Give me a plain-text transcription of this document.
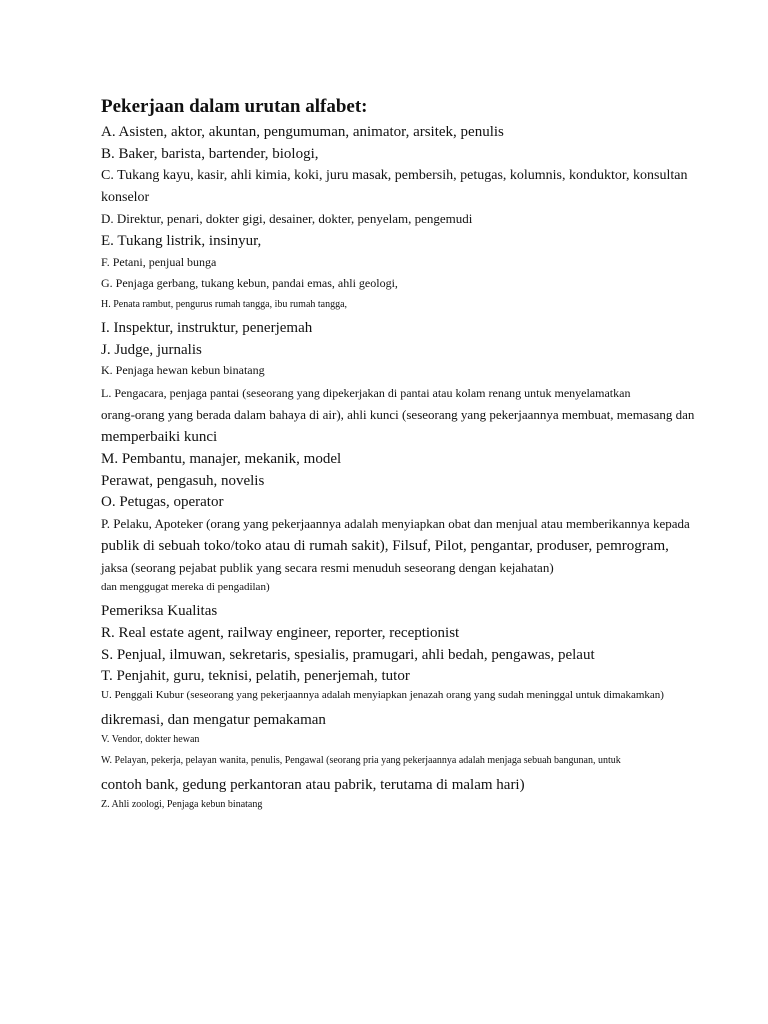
Pekerjaan dalam urutan alfabet:
A. Asisten, aktor, akuntan, pengumuman, animator, arsitek, penulis
B. Baker, barista, bartender, biologi,
C. Tukang kayu, kasir, ahli kimia, koki, juru masak, pembersih, petugas, kolumnis, konduktor, konsultan
konselor
D. Direktur, penari, dokter gigi, desainer, dokter, penyelam, pengemudi
E. Tukang listrik, insinyur,
F. Petani, penjual bunga
G. Penjaga gerbang, tukang kebun, pandai emas, ahli geologi,
H. Penata rambut, pengurus rumah tangga, ibu rumah tangga,
I. Inspektur, instruktur, penerjemah
J. Judge, jurnalis
K. Penjaga hewan kebun binatang
L. Pengacara, penjaga pantai (seseorang yang dipekerjakan di pantai atau kolam renang untuk menyelamatkan
orang-orang yang berada dalam bahaya di air), ahli kunci (seseorang yang pekerjaannya membuat, memasang dan
memperbaiki kunci
M. Pembantu, manajer, mekanik, model
Perawat, pengasuh, novelis
O. Petugas, operator
P. Pelaku, Apoteker (orang yang pekerjaannya adalah menyiapkan obat dan menjual atau memberikannya kepada
publik di sebuah toko/toko atau di rumah sakit), Filsuf, Pilot, pengantar, produser, pemrogram,
jaksa (seorang pejabat publik yang secara resmi menuduh seseorang dengan kejahatan)
dan menggugat mereka di pengadilan)
Pemeriksa Kualitas
R. Real estate agent, railway engineer, reporter, receptionist
S. Penjual, ilmuwan, sekretaris, spesialis, pramugari, ahli bedah, pengawas, pelaut
T. Penjahit, guru, teknisi, pelatih, penerjemah, tutor
U. Penggali Kubur (seseorang yang pekerjaannya adalah menyiapkan jenazah orang yang sudah meninggal untuk dimakamkan)
dikremasi, dan mengatur pemakaman
V. Vendor, dokter hewan
W. Pelayan, pekerja, pelayan wanita, penulis, Pengawal (seorang pria yang pekerjaannya adalah menjaga sebuah bangunan, untuk
contoh bank, gedung perkantoran atau pabrik, terutama di malam hari)
Z. Ahli zoologi, Penjaga kebun binatang
